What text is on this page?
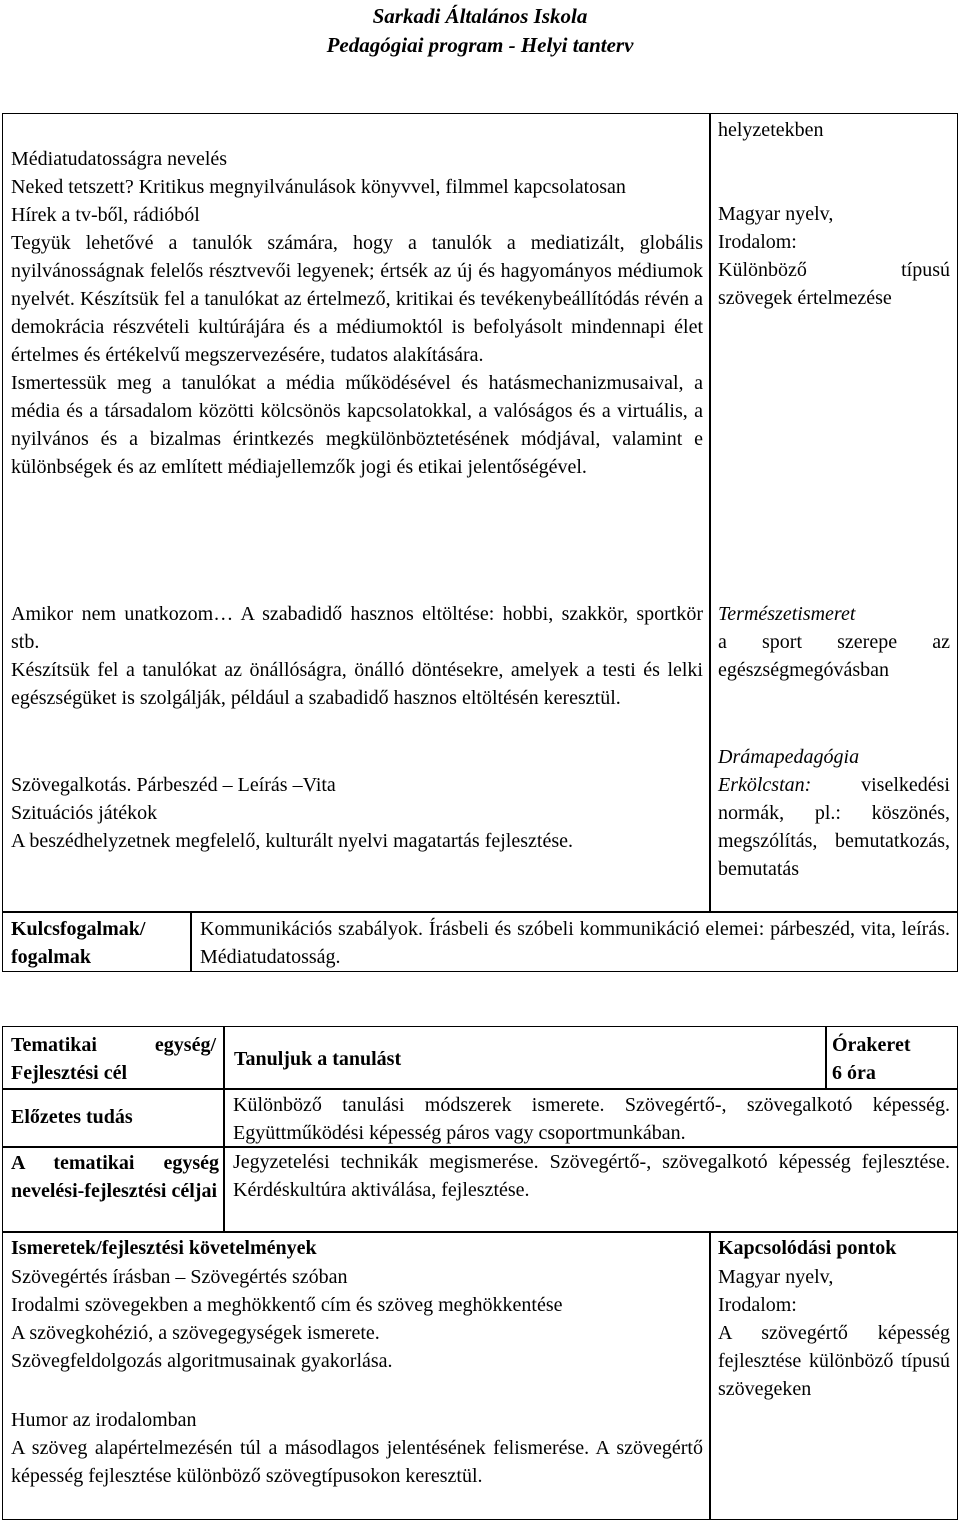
Sarkadi Általános Iskola
Pedagógiai program - Helyi tanterv

Médiatudatosságra nevelés

Neked tetszett? Kritikus megnyilvánulások könyvvel, filmmel kapcsolatosan

Hírek a tv-ből, rádióból

Tegyük lehetővé a tanulók számára, hogy a tanulók a mediatizált, globális nyilvánosságnak felelős résztvevői legyenek; értsék az új és hagyományos médiumok nyelvét. Készítsük fel a tanulókat az értelmező, kritikai és tevékenybeállítódás révén a demokrácia részvételi kultúrájára és a médiumoktól is befolyásolt mindennapi élet értelmes és értékelvű megszervezésére, tudatos alakítására.

Ismertessük meg a tanulókat a média működésével és hatásmechanizmusaival, a média és a társadalom közötti kölcsönös kapcsolatokkal, a valóságos és a virtuális, a nyilvános és a bizalmas érintkezés megkülönböztetésének módjával, valamint e különbségek és az említett médiajellemzők jogi és etikai jelentőségével.

helyzetekben

Magyar nyelv,

Irodalom:

Különböző	típusú

szövegek értelmezése

Amikor nem unatkozom… A szabadidő hasznos eltöltése: hobbi, szakkör, sportkör stb.

Készítsük fel a tanulókat az önállóságra, önálló döntésekre, amelyek a testi és lelki egészségüket is szolgálják, például a szabadidő hasznos eltöltésén keresztül.

Természetismeret

a sport szerepe az egészségmegóvásban

Szövegalkotás. Párbeszéd – Leírás –Vita

Szituációs játékok

A beszédhelyzetnek megfelelő, kulturált nyelvi magatartás fejlesztése.

Drámapedagógia

Erkölcstan: viselkedési normák, pl.: köszönés, megszólítás, bemutatkozás, bemutatás

Kulcsfogalmak/ fogalmak
Kommunikációs szabályok. Írásbeli és szóbeli kommunikáció elemei: párbeszéd, vita, leírás. Médiatudatosság.
Tematikai egység/ Fejlesztési cél
Tanuljuk a tanulást
Órakeret
6 óra
Előzetes tudás
Különböző tanulási módszerek ismerete. Szövegértő-, szövegalkotó képesség. Együttműködési képesség páros vagy csoportmunkában.
A tematikai egység nevelési-fejlesztési céljai
Jegyzetelési technikák megismerése. Szövegértő-, szövegalkotó képesség fejlesztése. Kérdéskultúra aktiválása, fejlesztése.
Ismeretek/fejlesztési követelmények	Kapcsolódási pontok

Szövegértés írásban – Szövegértés szóban

Irodalmi szövegekben a meghökkentő cím és szöveg meghökkentése

A szövegkohézió, a szövegegységek ismerete.

Szövegfeldolgozás algoritmusainak gyakorlása.

Humor az irodalomban

A szöveg alapértelmezésén túl a másodlagos jelentésének felismerése. A szövegértő képesség fejlesztése különböző szövegtípusokon keresztül.

Magyar nyelv,

Irodalom:

A szövegértő képesség fejlesztése különböző típusú szövegeken
